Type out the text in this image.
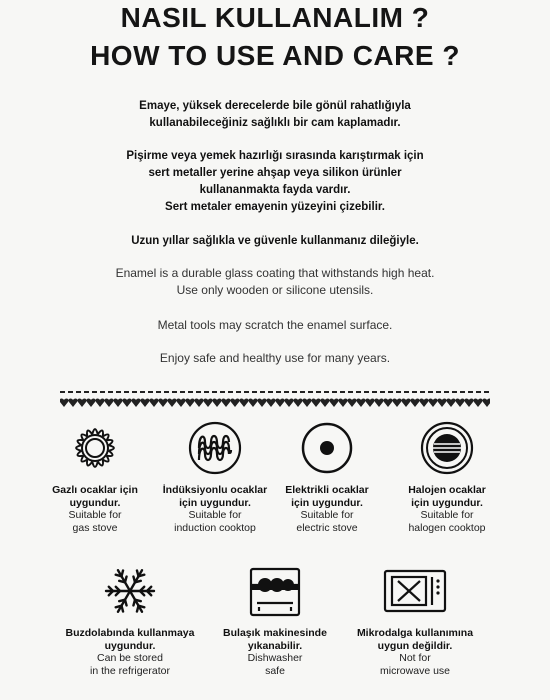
NASIL KULLANALIM ?
HOW TO USE AND CARE ?
Emaye, yüksek derecelerde bile gönül rahatlığıyla
kullanabileceğiniz sağlıklı bir cam kaplamadır.
Pişirme veya yemek hazırlığı sırasında karıştırmak için
sert metaller yerine ahşap veya silikon ürünler
kullananmakta fayda vardır.
Sert metaler emayenin yüzeyini çizebilir.
Uzun yıllar sağlıkla ve güvenle kullanmanız dileğiyle.
Enamel is a durable glass coating that withstands high heat.
Use only wooden or silicone utensils.
Metal tools may scratch the enamel surface.
Enjoy safe and healthy use for many years.
Gazlı ocaklar için
uygundur.
Suitable for
gas stove
İndüksiyonlu ocaklar
için uygundur.
Suitable for
induction cooktop
Elektrikli ocaklar
için uygundur.
Suitable for
electric stove
Halojen ocaklar
için uygundur.
Suitable for
halogen cooktop
Buzdolabında kullanmaya
uygundur.
Can be stored
in the refrigerator
Bulaşık makinesinde
yıkanabilir.
Dishwasher
safe
Mikrodalga kullanımına
uygun değildir.
Not for
microwave use
